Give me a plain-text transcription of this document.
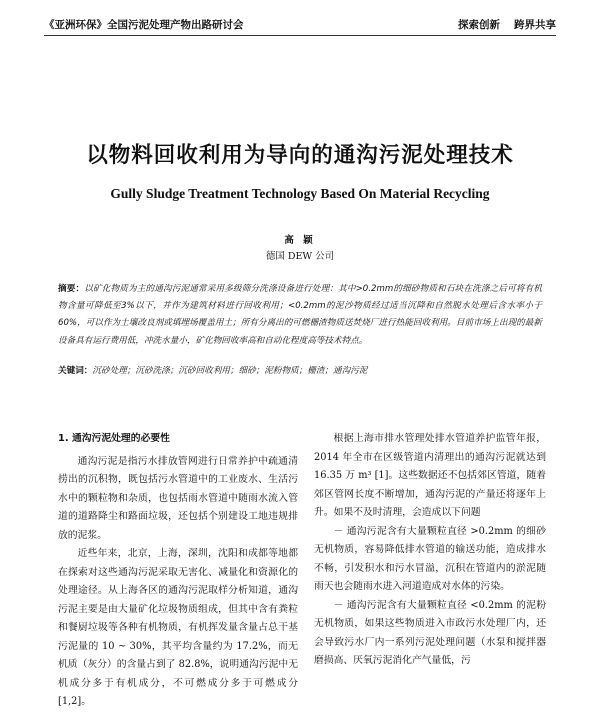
《亚洲环保》全国污泥处理产物出路研讨会	探索创新 跨界共享
以物料回收利用为导向的通沟污泥处理技术
Gully Sludge Treatment Technology Based On Material Recycling
高 颖
德国 DEW 公司
摘要：以矿化物质为主的通沟污泥通常采用多级筛分洗涤设备进行处理：其中>0.2mm的细砂物质和石块在洗涤之后可将有机物含量可降低至3%以下，并作为建筑材料进行回收利用；<0.2mm的泥沙物质经过适当沉降和自然脱水处理后含水率小于60%，可以作为土壤改良剂或填埋场覆盖用土；所有分离出的可燃栅渣物质送焚烧厂进行热能回收利用。目前市场上出现的最新设备具有运行费用低，冲洗水量小，矿化物回收率高和自动化程度高等技术特点。
关键词：沉砂处理；沉砂洗涤；沉砂回收利用；细砂；泥粉物质；栅渣；通沟污泥
1. 通沟污泥处理的必要性

通沟污泥是指污水排放管网进行日常养护中疏通清捞出的沉积物，既包括污水管道中的工业废水、生活污水中的颗粒物和杂质，也包括雨水管道中随雨水流入管道的道路降尘和路面垃圾，还包括个别建设工地违规排放的泥浆。

近些年来，北京，上海，深圳，沈阳和成都等地都在探索对这些通沟污泥采取无害化、减量化和资源化的处理途径。从上海各区的通沟污泥取样分析知道，通沟污泥主要是由大量矿化垃圾物质组成，但其中含有粪粒和餐厨垃圾等各种有机物质，有机挥发量含量占总干基污泥量的 10 ~ 30%，其平均含量约为 17.2%，而无机质（灰分）的含量占到了 82.8%，说明通沟污泥中无机成分多于有机成分，不可燃成分多于可燃成分 [1,2]。

根据上海市排水管理处排水管道养护监管年报，2014 年全市在区级管道内清理出的通沟污泥就达到 16.35 万 m³ [1]。这些数据还不包括郊区管道，随着郊区管网长度不断增加，通沟污泥的产量还将逐年上升。如果不及时清理，会造成以下问题

－ 通沟污泥含有大量颗粒直径 >0.2mm 的细砂无机物质，容易降低排水管道的输送功能，造成排水不畅，引发积水和污水冒溢，沉积在管道内的淤泥随雨天也会随雨水进入河道造成对水体的污染。

－ 通沟污泥含有大量颗粒直径 <0.2mm 的泥粉无机物质，如果这些物质进入市政污水处理厂内，还会导致污水厂内一系列污泥处理问题（水泵和搅拌器磨损高、厌氧污泥消化产气量低，污
